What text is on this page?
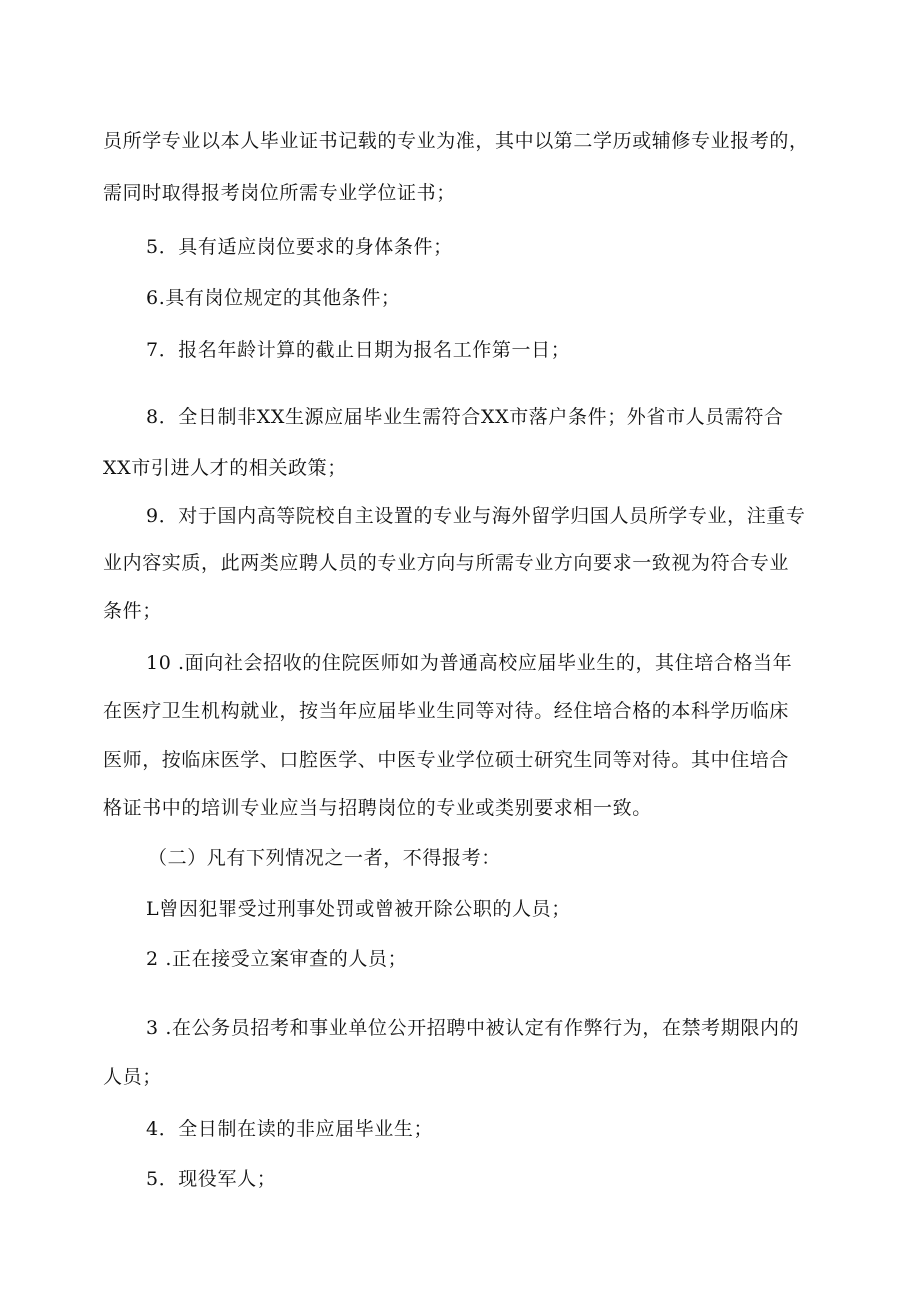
员所学专业以本人毕业证书记载的专业为准，其中以第二学历或辅修专业报考的，

需同时取得报考岗位所需专业学位证书；

5．具有适应岗位要求的身体条件；

6.具有岗位规定的其他条件；

7．报名年龄计算的截止日期为报名工作第一日；

8．全日制非XX生源应届毕业生需符合XX市落户条件；外省市人员需符合

XX市引进人才的相关政策；

9．对于国内高等院校自主设置的专业与海外留学归国人员所学专业，注重专

业内容实质，此两类应聘人员的专业方向与所需专业方向要求一致视为符合专业

条件；

10 .面向社会招收的住院医师如为普通高校应届毕业生的，其住培合格当年

在医疗卫生机构就业，按当年应届毕业生同等对待。经住培合格的本科学历临床

医师，按临床医学、口腔医学、中医专业学位硕士研究生同等对待。其中住培合

格证书中的培训专业应当与招聘岗位的专业或类别要求相一致。

（二）凡有下列情况之一者，不得报考：

L曾因犯罪受过刑事处罚或曾被开除公职的人员；

2 .正在接受立案审查的人员；

3 .在公务员招考和事业单位公开招聘中被认定有作弊行为，在禁考期限内的

人员；

4．全日制在读的非应届毕业生；

5．现役军人；
